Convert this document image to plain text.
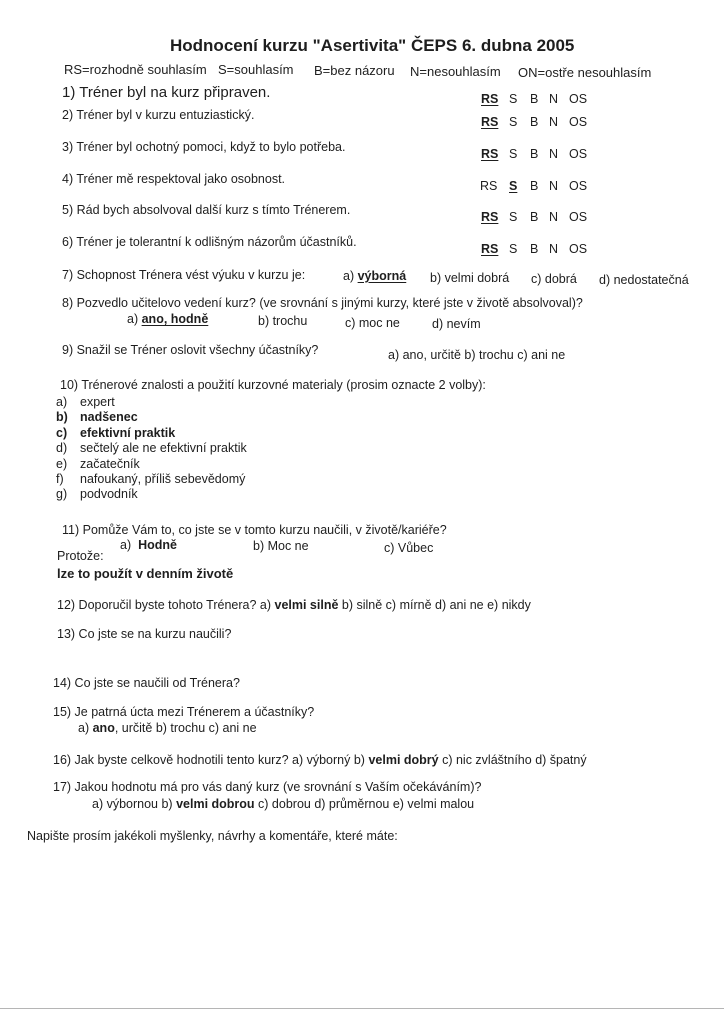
Hodnocení kurzu "Asertivita" ČEPS 6. dubna 2005
RS=rozhodně souhlasím S=souhlasím B=bez názoru N=nesouhlasím ON=ostře nesouhlasím
1) Tréner byl na kurz připraven.	RS S B N OS
2) Tréner byl v kurzu entuziastický.	RS S B N OS
3) Tréner byl ochotný pomoci, když to bylo potřeba.	RS S B N OS
4) Tréner mě respektoval jako osobnost.	RS S B N OS
5) Rád bych absolvoval další kurz s tímto Trénerem.	RS S B N OS
6) Tréner je tolerantní k odlišným názorům účastníků.	RS S B N OS
7) Schopnost Trénera vést výuku v kurzu je:	a) výborná b) velmi dobrá c) dobrá d) nedostatečná
8) Pozvedlo učitelovo vedení kurz? (ve srovnání s jinými kurzy, které jste v životě absolvoval)?
a) ano, hodně	b) trochu	c) moc ne	d) nevím
9) Snažil se Tréner oslovit všechny účastníky?	a) ano, určitě b) trochu c) ani ne
10) Trénerové znalosti a použití kurzovné materialy (prosim oznacte 2 volby):
a) expert
b) nadšenec
c) efektivní praktik
d) sečtelý ale ne efektivní praktik
e) začatečník
f) nafoukaný, příliš sebevědomý
g) podvodník
11) Pomůže Vám to, co jste se v tomto kurzu naučili, v životě/kariéře?
a) Hodně	b) Moc ne	c) Vůbec
Protože:
lze to použít v denním životě
12) Doporučil byste tohoto Trénera? a) velmi silně b) silně c) mírně d) ani ne e) nikdy
13) Co jste se na kurzu naučili?
14) Co jste se naučili od Trénera?
15) Je patrná úcta mezi Trénerem a účastníky?
a) ano, určitě b) trochu c) ani ne
16) Jak byste celkově hodnotili tento kurz? a) výborný b) velmi dobrý c) nic zvláštního d) špatný
17) Jakou hodnotu má pro vás daný kurz (ve srovnání s Vaším očekáváním)?
a) výbornou b) velmi dobrou c) dobrou d) průměrnou e) velmi malou
Napište prosím jakékoli myšlenky, návrhy a komentáře, které máte:
